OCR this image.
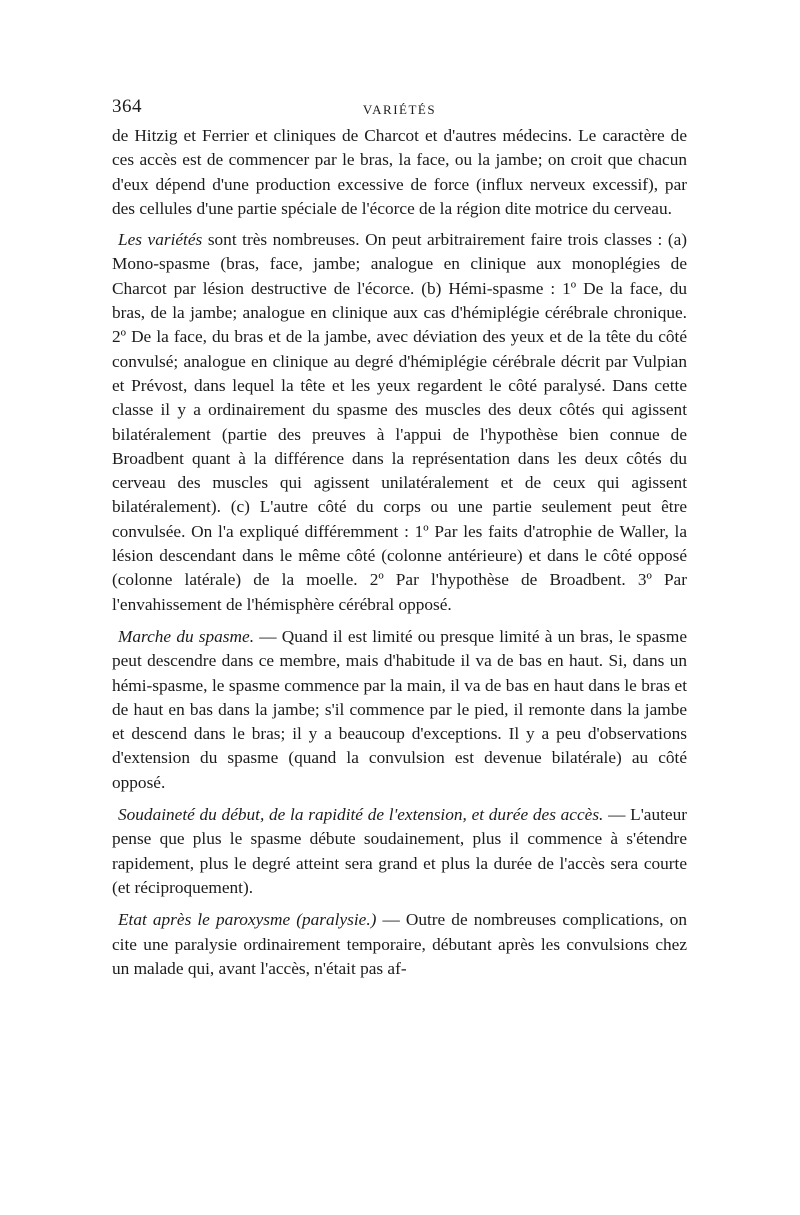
364	VARIÉTÉS

de Hitzig et Ferrier et cliniques de Charcot et d'autres médecins. Le caractère de ces accès est de commencer par le bras, la face, ou la jambe; on croit que chacun d'eux dépend d'une production excessive de force (influx nerveux excessif), par des cellules d'une partie spéciale de l'écorce de la région dite motrice du cerveau.

Les variétés sont très nombreuses. On peut arbitrairement faire trois classes : (a) Mono-spasme (bras, face, jambe; analogue en clinique aux monoplégies de Charcot par lésion destructive de l'écorce. (b) Hémi-spasme : 1º De la face, du bras, de la jambe; analogue en clinique aux cas d'hémiplégie cérébrale chronique. 2º De la face, du bras et de la jambe, avec déviation des yeux et de la tête du côté convulsé; analogue en clinique au degré d'hémiplégie cérébrale décrit par Vulpian et Prévost, dans lequel la tête et les yeux regardent le côté paralysé. Dans cette classe il y a ordinairement du spasme des muscles des deux côtés qui agissent bilatéralement (partie des preuves à l'appui de l'hypothèse bien connue de Broadbent quant à la différence dans la représentation dans les deux côtés du cerveau des muscles qui agissent unilatéralement et de ceux qui agissent bilatéralement). (c) L'autre côté du corps ou une partie seulement peut être convulsée. On l'a expliqué différemment : 1º Par les faits d'atrophie de Waller, la lésion descendant dans le même côté (colonne antérieure) et dans le côté opposé (colonne latérale) de la moelle. 2º Par l'hypothèse de Broadbent. 3º Par l'envahissement de l'hémisphère cérébral opposé.

Marche du spasme. — Quand il est limité ou presque limité à un bras, le spasme peut descendre dans ce membre, mais d'habitude il va de bas en haut. Si, dans un hémi-spasme, le spasme commence par la main, il va de bas en haut dans le bras et de haut en bas dans la jambe; s'il commence par le pied, il remonte dans la jambe et descend dans le bras; il y a beaucoup d'exceptions. Il y a peu d'observations d'extension du spasme (quand la convulsion est devenue bilatérale) au côté opposé.

Soudaineté du début, de la rapidité de l'extension, et durée des accès. — L'auteur pense que plus le spasme débute soudainement, plus il commence à s'étendre rapidement, plus le degré atteint sera grand et plus la durée de l'accès sera courte (et réciproquement).

Etat après le paroxysme (paralysie.) — Outre de nombreuses complications, on cite une paralysie ordinairement temporaire, débutant après les convulsions chez un malade qui, avant l'accès, n'était pas af-
